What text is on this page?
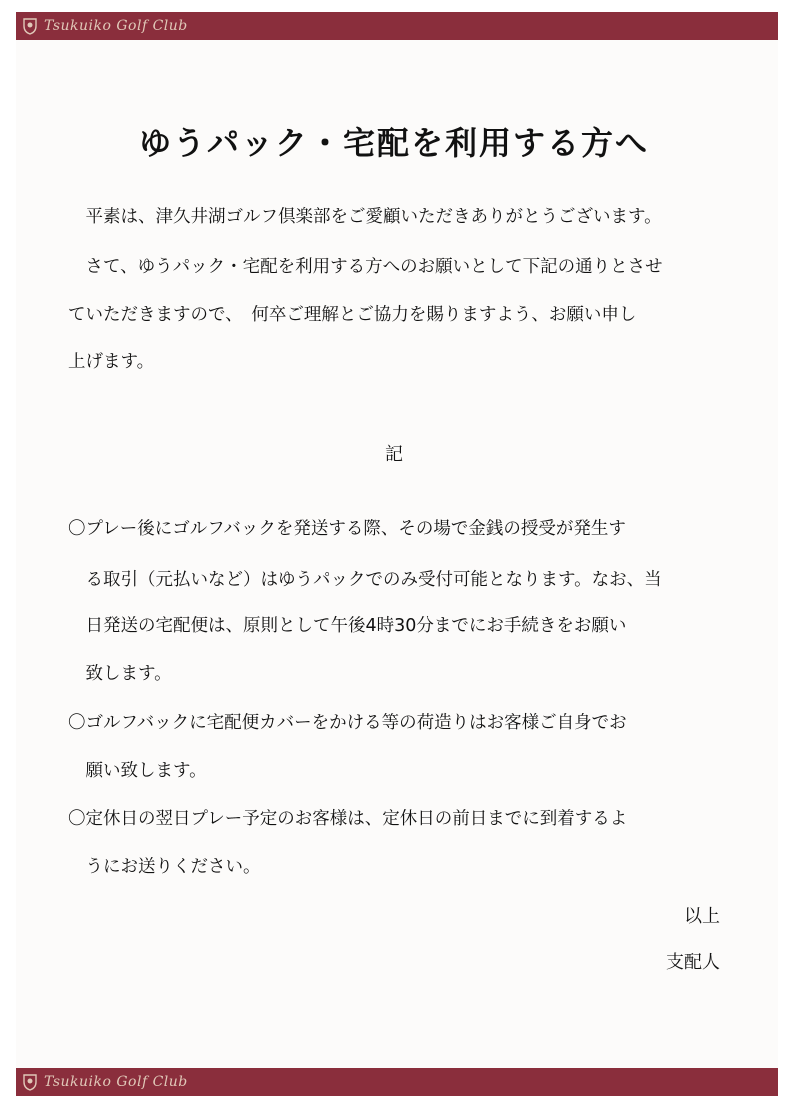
Tsukuiko Golf Club
ゆうパック・宅配を利用する方へ

　平素は、津久井湖ゴルフ倶楽部をご愛顧いただきありがとうございます。

　さて、ゆうパック・宅配を利用する方へのお願いとして下記の通りとさせ

ていただきますので、　何卒ご理解とご協力を賜りますよう、お願い申し

上げます。

記

〇プレー後にゴルフバックを発送する際、その場で金銭の授受が発生す

　る取引（元払いなど）はゆうパックでのみ受付可能となります。なお、当

　日発送の宅配便は、原則として午後4時30分までにお手続きをお願い

　致します。

〇ゴルフバックに宅配便カバーをかける等の荷造りはお客様ご自身でお

　願い致します。

〇定休日の翌日プレー予定のお客様は、定休日の前日までに到着するよ

　うにお送りください。

以上

支配人

Tsukuiko Golf Club
